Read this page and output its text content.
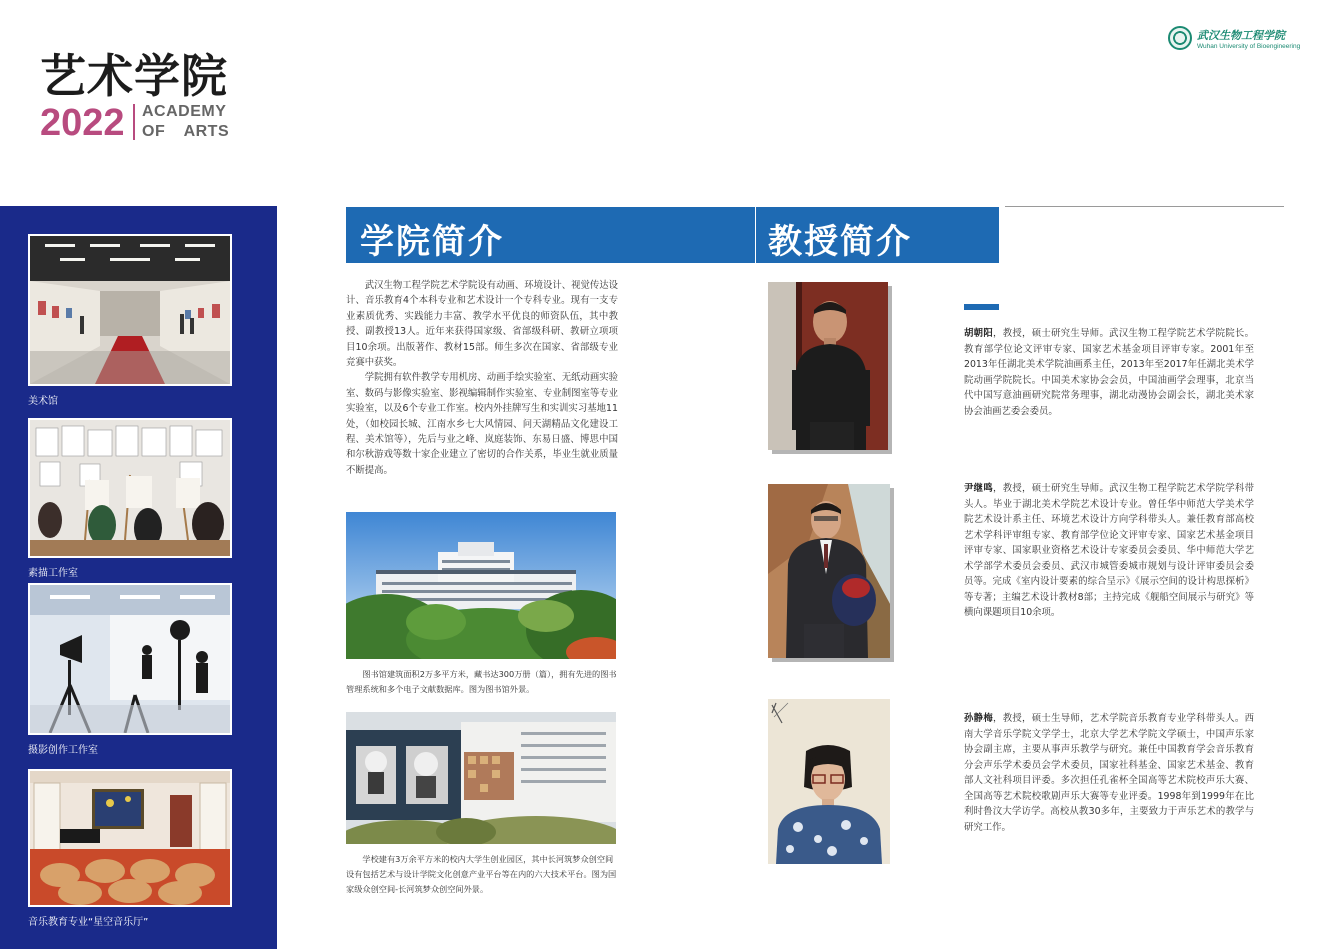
艺术学院
2022 ACADEMY
OF ARTS
武汉生物工程学院
Wuhan University of Bioengineering
美术馆
素描工作室
摄影创作工作室
音乐教育专业“星空音乐厅”
学院简介	教授简介

武汉生物工程学院艺术学院设有动画、环境设计、视觉传达设计、音乐教育4个本科专业和艺术设计一个专科专业。现有一支专业素质优秀、实践能力丰富、教学水平优良的师资队伍，其中教授、副教授13人。近年来获得国家级、省部级科研、教研立项项目10余项。出版著作、教材15部。师生多次在国家、省部级专业竞赛中获奖。

学院拥有软件教学专用机房、动画手绘实验室、无纸动画实验室、数码与影像实验室、影视编辑制作实验室、专业制图室等专业实验室，以及6个专业工作室。校内外挂牌写生和实训实习基地11处，（如校园长城、江南水乡七大风情园、问天湖精品文化建设工程、美术馆等），先后与业之峰、岚庭装饰、东易日盛、博思中国和尔秋游戏等数十家企业建立了密切的合作关系，毕业生就业质量不断提高。

图书馆建筑面积2万多平方米，藏书达300万册（篇），拥有先进的图书管理系统和多个电子文献数据库。图为图书馆外景。
学校建有3万余平方米的校内大学生创业园区，其中长河筑梦众创空间设有包括艺术与设计学院文化创意产业平台等在内的六大技术平台。图为国家级众创空间-长河筑梦众创空间外景。
胡朝阳，教授，硕士研究生导师。武汉生物工程学院艺术学院院长。教育部学位论文评审专家、国家艺术基金项目评审专家。2001年至2013年任湖北美术学院油画系主任，2013年至2017年任湖北美术学院动画学院院长。中国美术家协会会员，中国油画学会理事，北京当代中国写意油画研究院常务理事，湖北动漫协会副会长，湖北美术家协会油画艺委会委员。
尹继鸣，教授，硕士研究生导师。武汉生物工程学院艺术学院学科带头人。毕业于湖北美术学院艺术设计专业。曾任华中师范大学美术学院艺术设计系主任、环境艺术设计方向学科带头人。兼任教育部高校艺术学科评审组专家、教育部学位论文评审专家、国家艺术基金项目评审专家、国家职业资格艺术设计专家委员会委员、华中师范大学艺术学部学术委员会委员、武汉市城管委城市规划与设计评审委员会委员等。完成《室内设计要素的综合呈示》《展示空间的设计构思探析》等专著；主编艺术设计教材8部；主持完成《舰船空间展示与研究》等横向课题项目10余项。
孙静梅，教授，硕士生导师，艺术学院音乐教育专业学科带头人。西南大学音乐学院文学学士，北京大学艺术学院文学硕士，中国声乐家协会副主席，主要从事声乐教学与研究。兼任中国教育学会音乐教育分会声乐学术委员会学术委员，国家社科基金、国家艺术基金、教育部人文社科项目评委。多次担任孔雀杯全国高等艺术院校声乐大赛、全国高等艺术院校歌剧声乐大赛等专业评委。1998年到1999年在比利时鲁汶大学访学。高校从教30多年，主要致力于声乐艺术的教学与研究工作。
